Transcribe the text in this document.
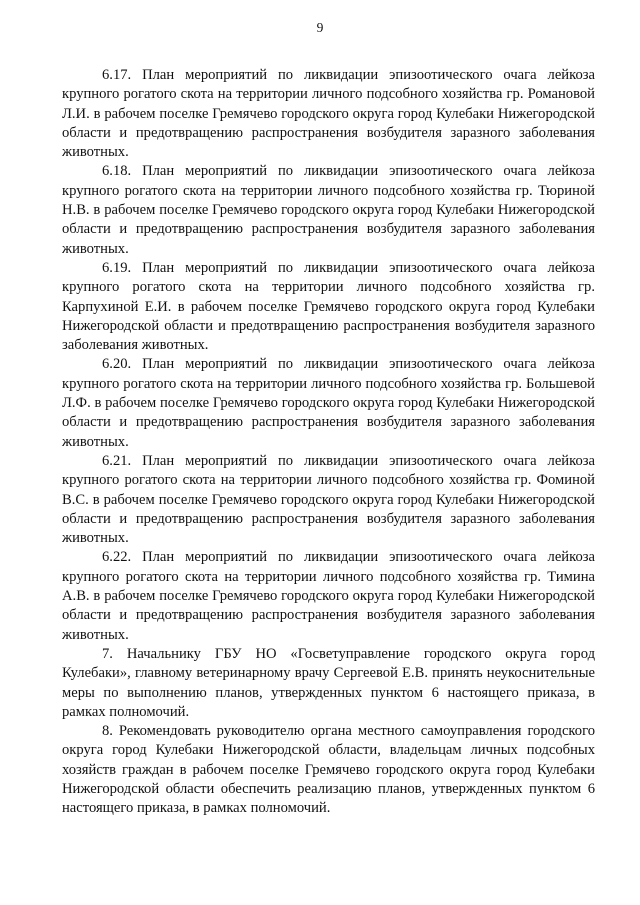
9

6.17. План мероприятий по ликвидации эпизоотического очага лейкоза крупного рогатого скота на территории личного подсобного хозяйства гр. Романовой Л.И. в рабочем поселке Гремячево городского округа город Кулебаки Нижегородской области и предотвращению распространения возбудителя заразного заболевания животных.

6.18. План мероприятий по ликвидации эпизоотического очага лейкоза крупного рогатого скота на территории личного подсобного хозяйства гр. Тюриной Н.В. в рабочем поселке Гремячево городского округа город Кулебаки Нижегородской области и предотвращению распространения возбудителя заразного заболевания животных.

6.19. План мероприятий по ликвидации эпизоотического очага лейкоза крупного рогатого скота на территории личного подсобного хозяйства гр. Карпухиной Е.И. в рабочем поселке Гремячево городского округа город Кулебаки Нижегородской области и предотвращению распространения возбудителя заразного заболевания животных.

6.20. План мероприятий по ликвидации эпизоотического очага лейкоза крупного рогатого скота на территории личного подсобного хозяйства гр. Большевой Л.Ф. в рабочем поселке Гремячево городского округа город Кулебаки Нижегородской области и предотвращению распространения возбудителя заразного заболевания животных.

6.21. План мероприятий по ликвидации эпизоотического очага лейкоза крупного рогатого скота на территории личного подсобного хозяйства гр. Фоминой В.С. в рабочем поселке Гремячево городского округа город Кулебаки Нижегородской области и предотвращению распространения возбудителя заразного заболевания животных.

6.22. План мероприятий по ликвидации эпизоотического очага лейкоза крупного рогатого скота на территории личного подсобного хозяйства гр. Тимина А.В. в рабочем поселке Гремячево городского округа город Кулебаки Нижегородской области и предотвращению распространения возбудителя заразного заболевания животных.

7. Начальнику ГБУ НО «Госветуправление городского округа город Кулебаки», главному ветеринарному врачу Сергеевой Е.В. принять неукоснительные меры по выполнению планов, утвержденных пунктом 6 настоящего приказа, в рамках полномочий.

8. Рекомендовать руководителю органа местного самоуправления городского округа город Кулебаки Нижегородской области, владельцам личных подсобных хозяйств граждан в рабочем поселке Гремячево городского округа город Кулебаки Нижегородской области обеспечить реализацию планов, утвержденных пунктом 6 настоящего приказа, в рамках полномочий.
